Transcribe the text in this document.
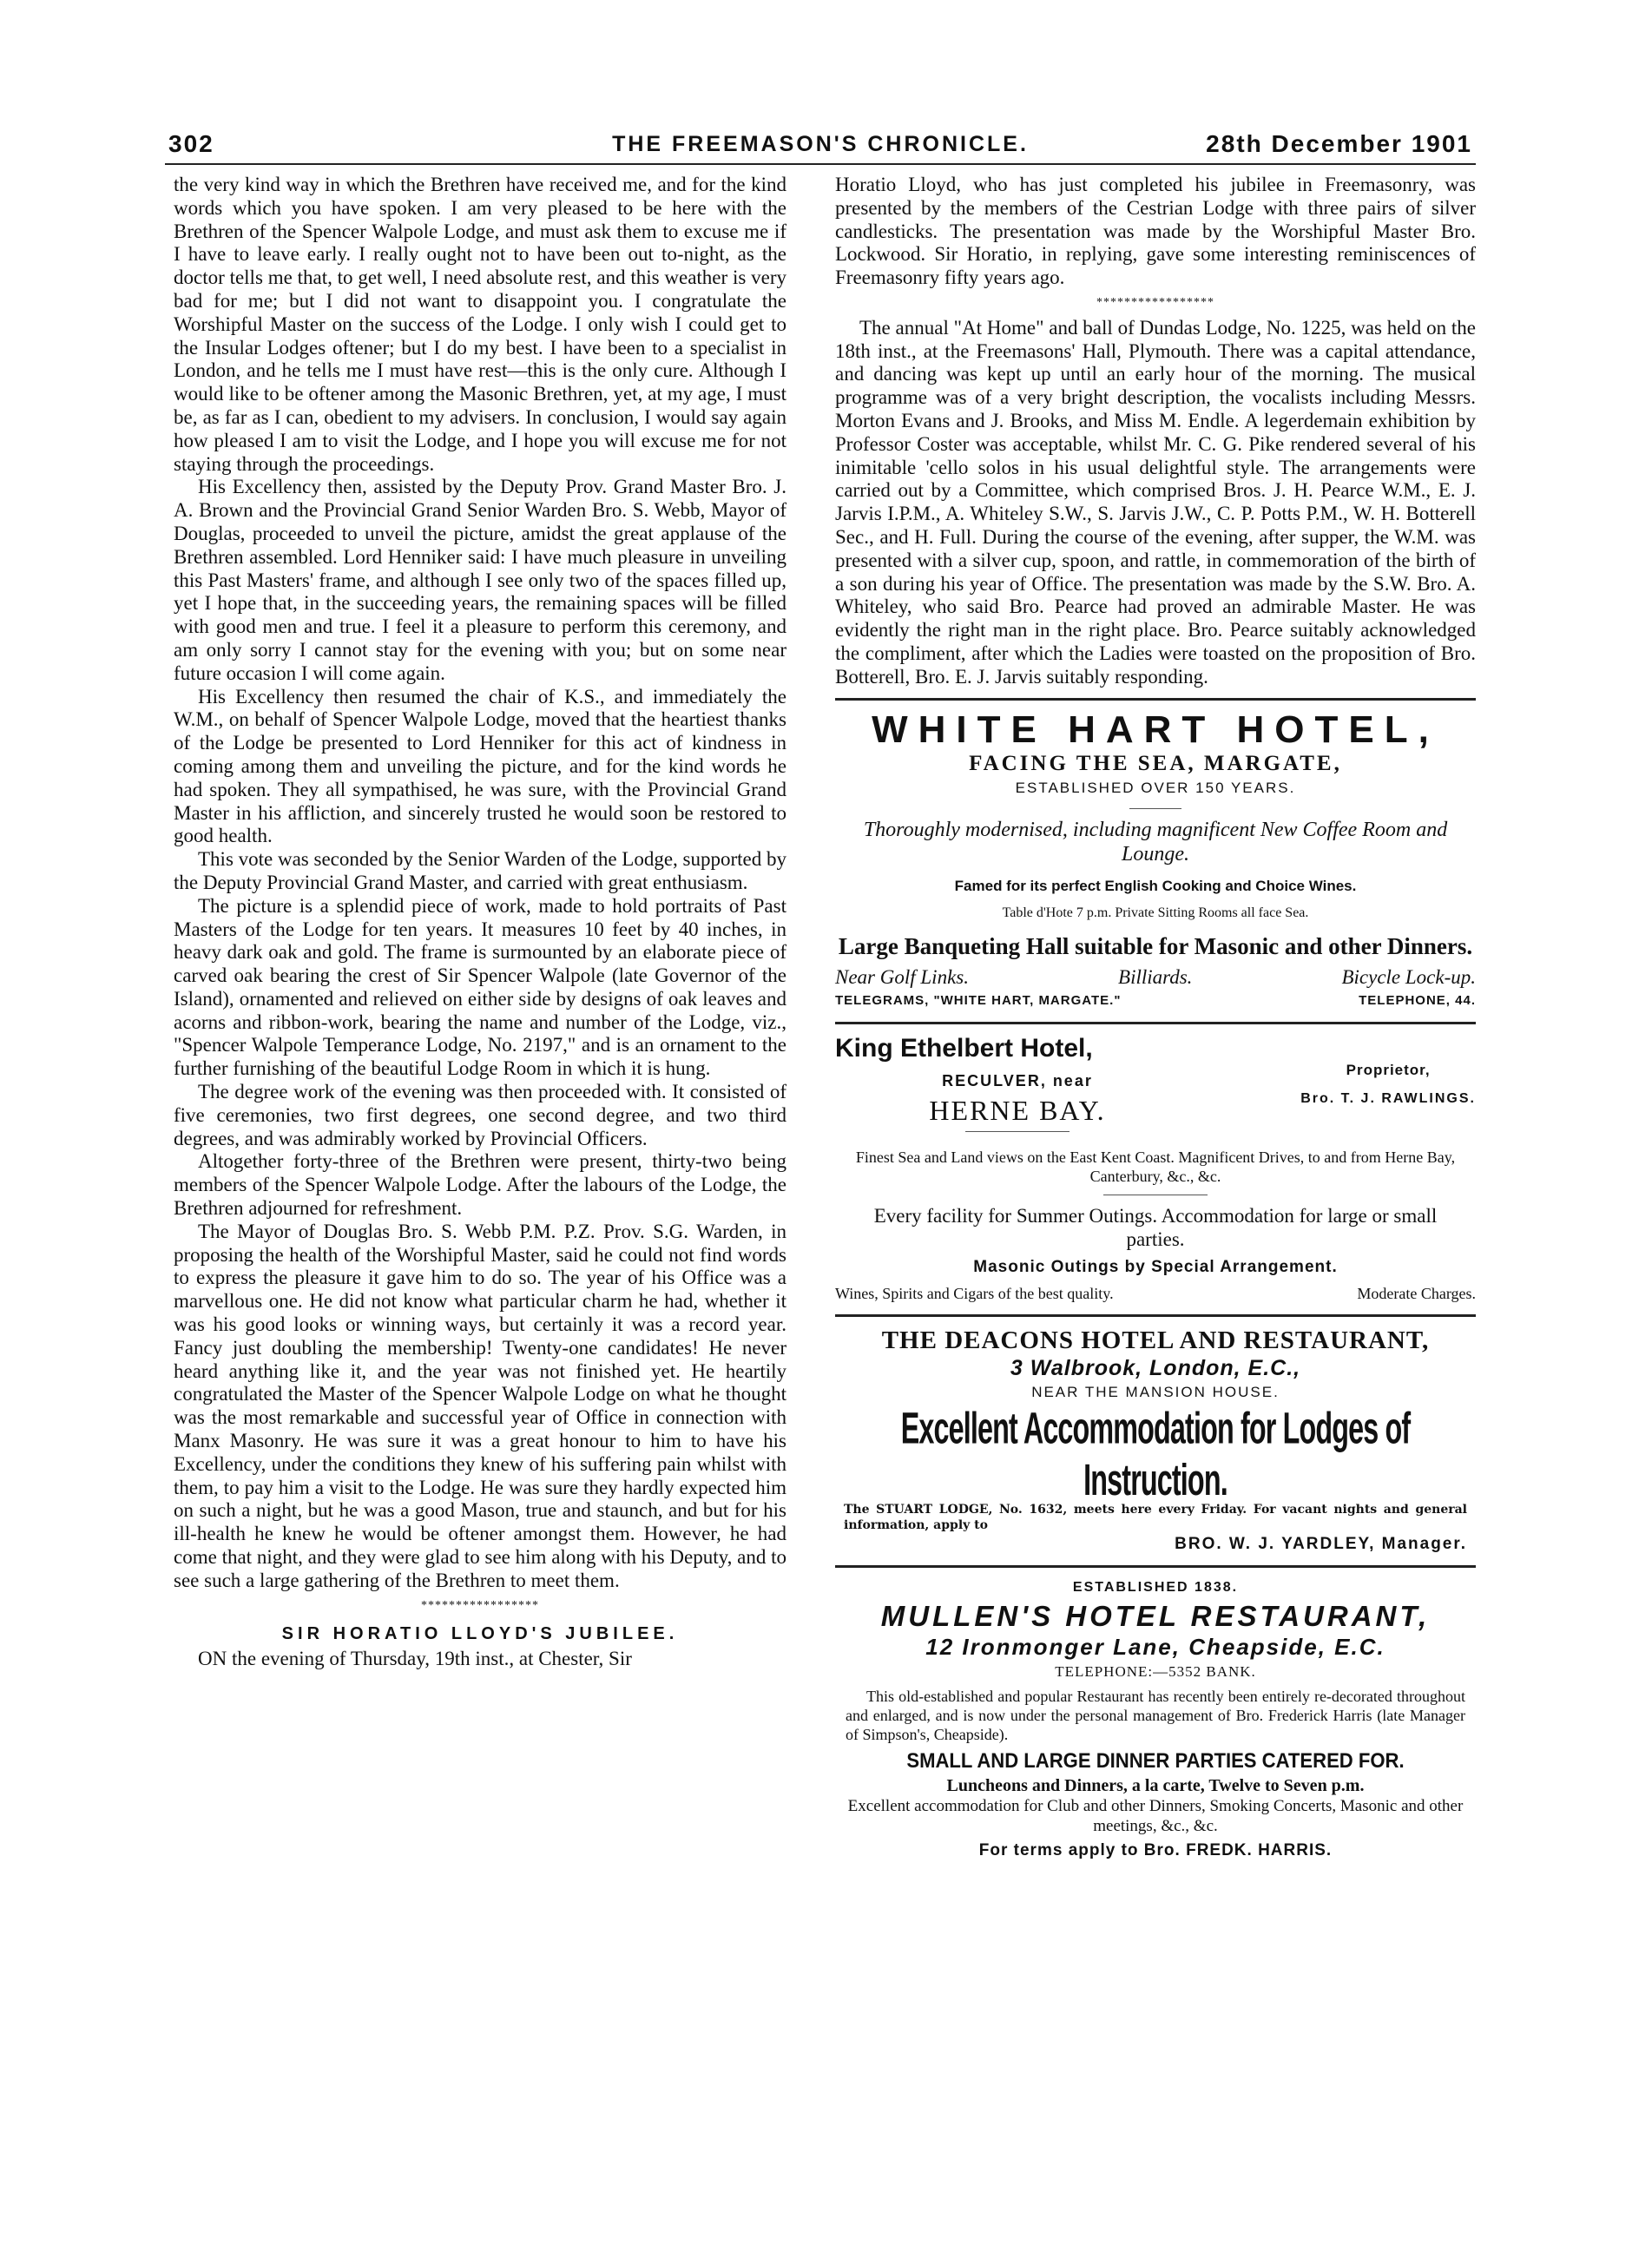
302	THE FREEMASON'S CHRONICLE.	28th December 1901

the very kind way in which the Brethren have received me, and for the kind words which you have spoken. I am very pleased to be here with the Brethren of the Spencer Walpole Lodge, and must ask them to excuse me if I have to leave early. I really ought not to have been out to-night, as the doctor tells me that, to get well, I need absolute rest, and this weather is very bad for me; but I did not want to disappoint you. I congratulate the Worshipful Master on the success of the Lodge. I only wish I could get to the Insular Lodges oftener; but I do my best. I have been to a specialist in London, and he tells me I must have rest—this is the only cure. Although I would like to be oftener among the Masonic Brethren, yet, at my age, I must be, as far as I can, obedient to my advisers. In conclusion, I would say again how pleased I am to visit the Lodge, and I hope you will excuse me for not staying through the proceedings.

His Excellency then, assisted by the Deputy Prov. Grand Master Bro. J. A. Brown and the Provincial Grand Senior Warden Bro. S. Webb, Mayor of Douglas, proceeded to unveil the picture, amidst the great applause of the Brethren assembled. Lord Henniker said: I have much pleasure in unveiling this Past Masters' frame, and although I see only two of the spaces filled up, yet I hope that, in the succeeding years, the remaining spaces will be filled with good men and true. I feel it a pleasure to perform this ceremony, and am only sorry I cannot stay for the evening with you; but on some near future occasion I will come again.

His Excellency then resumed the chair of K.S., and immediately the W.M., on behalf of Spencer Walpole Lodge, moved that the heartiest thanks of the Lodge be presented to Lord Henniker for this act of kindness in coming among them and unveiling the picture, and for the kind words he had spoken. They all sympathised, he was sure, with the Provincial Grand Master in his affliction, and sincerely trusted he would soon be restored to good health.

This vote was seconded by the Senior Warden of the Lodge, supported by the Deputy Provincial Grand Master, and carried with great enthusiasm.

The picture is a splendid piece of work, made to hold portraits of Past Masters of the Lodge for ten years. It measures 10 feet by 40 inches, in heavy dark oak and gold. The frame is surmounted by an elaborate piece of carved oak bearing the crest of Sir Spencer Walpole (late Governor of the Island), ornamented and relieved on either side by designs of oak leaves and acorns and ribbon-work, bearing the name and number of the Lodge, viz., "Spencer Walpole Temperance Lodge, No. 2197," and is an ornament to the further furnishing of the beautiful Lodge Room in which it is hung.

The degree work of the evening was then proceeded with. It consisted of five ceremonies, two first degrees, one second degree, and two third degrees, and was admirably worked by Provincial Officers.

Altogether forty-three of the Brethren were present, thirty-two being members of the Spencer Walpole Lodge. After the labours of the Lodge, the Brethren adjourned for refreshment.

The Mayor of Douglas Bro. S. Webb P.M. P.Z. Prov. S.G. Warden, in proposing the health of the Worshipful Master, said he could not find words to express the pleasure it gave him to do so. The year of his Office was a marvellous one. He did not know what particular charm he had, whether it was his good looks or winning ways, but certainly it was a record year. Fancy just doubling the membership! Twenty-one candidates! He never heard anything like it, and the year was not finished yet. He heartily congratulated the Master of the Spencer Walpole Lodge on what he thought was the most remarkable and successful year of Office in connection with Manx Masonry. He was sure it was a great honour to him to have his Excellency, under the conditions they knew of his suffering pain whilst with them, to pay him a visit to the Lodge. He was sure they hardly expected him on such a night, but he was a good Mason, true and staunch, and but for his ill-health he knew he would be oftener amongst them. However, he had come that night, and they were glad to see him along with his Deputy, and to see such a large gathering of the Brethren to meet them.

*****************
SIR HORATIO LLOYD'S JUBILEE.

ON the evening of Thursday, 19th inst., at Chester, Sir

Horatio Lloyd, who has just completed his jubilee in Freemasonry, was presented by the members of the Cestrian Lodge with three pairs of silver candlesticks. The presentation was made by the Worshipful Master Bro. Lockwood. Sir Horatio, in replying, gave some interesting reminiscences of Freemasonry fifty years ago.

*****************

The annual "At Home" and ball of Dundas Lodge, No. 1225, was held on the 18th inst., at the Freemasons' Hall, Plymouth. There was a capital attendance, and dancing was kept up until an early hour of the morning. The musical programme was of a very bright description, the vocalists including Messrs. Morton Evans and J. Brooks, and Miss M. Endle. A legerdemain exhibition by Professor Coster was acceptable, whilst Mr. C. G. Pike rendered several of his inimitable 'cello solos in his usual delightful style. The arrangements were carried out by a Committee, which comprised Bros. J. H. Pearce W.M., E. J. Jarvis I.P.M., A. Whiteley S.W., S. Jarvis J.W., C. P. Potts P.M., W. H. Botterell Sec., and H. Full. During the course of the evening, after supper, the W.M. was presented with a silver cup, spoon, and rattle, in commemoration of the birth of a son during his year of Office. The presentation was made by the S.W. Bro. A. Whiteley, who said Bro. Pearce had proved an admirable Master. He was evidently the right man in the right place. Bro. Pearce suitably acknowledged the compliment, after which the Ladies were toasted on the proposition of Bro. Botterell, Bro. E. J. Jarvis suitably responding.

WHITE HART HOTEL,
FACING THE SEA, MARGATE,
ESTABLISHED OVER 150 YEARS.
Thoroughly modernised, including magnificent New Coffee Room and Lounge.
Famed for its perfect English Cooking and Choice Wines.
Table d'Hote 7 p.m. Private Sitting Rooms all face Sea.
Large Banqueting Hall suitable for Masonic and other Dinners.
Near Golf Links.	Billiards.	Bicycle Lock-up.
TELEGRAMS, "WHITE HART, MARGATE."	TELEPHONE, 44.
King Ethelbert Hotel,
RECULVER, near
HERNE BAY.
Proprietor,
Bro. T. J. RAWLINGS.
Finest Sea and Land views on the East Kent Coast. Magnificent Drives, to and from Herne Bay, Canterbury, &c., &c.
Every facility for Summer Outings. Accommodation for large or small parties.
Masonic Outings by Special Arrangement.
Wines, Spirits and Cigars of the best quality.	Moderate Charges.
THE DEACONS HOTEL AND RESTAURANT,
3 Walbrook, London, E.C.,
NEAR THE MANSION HOUSE.
Excellent Accommodation for Lodges of Instruction.
The STUART LODGE, No. 1632, meets here every Friday. For vacant nights and general information, apply to
BRO. W. J. YARDLEY, Manager.
ESTABLISHED 1838.
MULLEN'S HOTEL RESTAURANT,
12 Ironmonger Lane, Cheapside, E.C.
TELEPHONE:—5352 BANK.
This old-established and popular Restaurant has recently been entirely re-decorated throughout and enlarged, and is now under the personal management of Bro. Frederick Harris (late Manager of Simpson's, Cheapside).
SMALL AND LARGE DINNER PARTIES CATERED FOR.
Luncheons and Dinners, a la carte, Twelve to Seven p.m.
Excellent accommodation for Club and other Dinners, Smoking Concerts, Masonic and other meetings, &c., &c.
For terms apply to Bro. FREDK. HARRIS.
